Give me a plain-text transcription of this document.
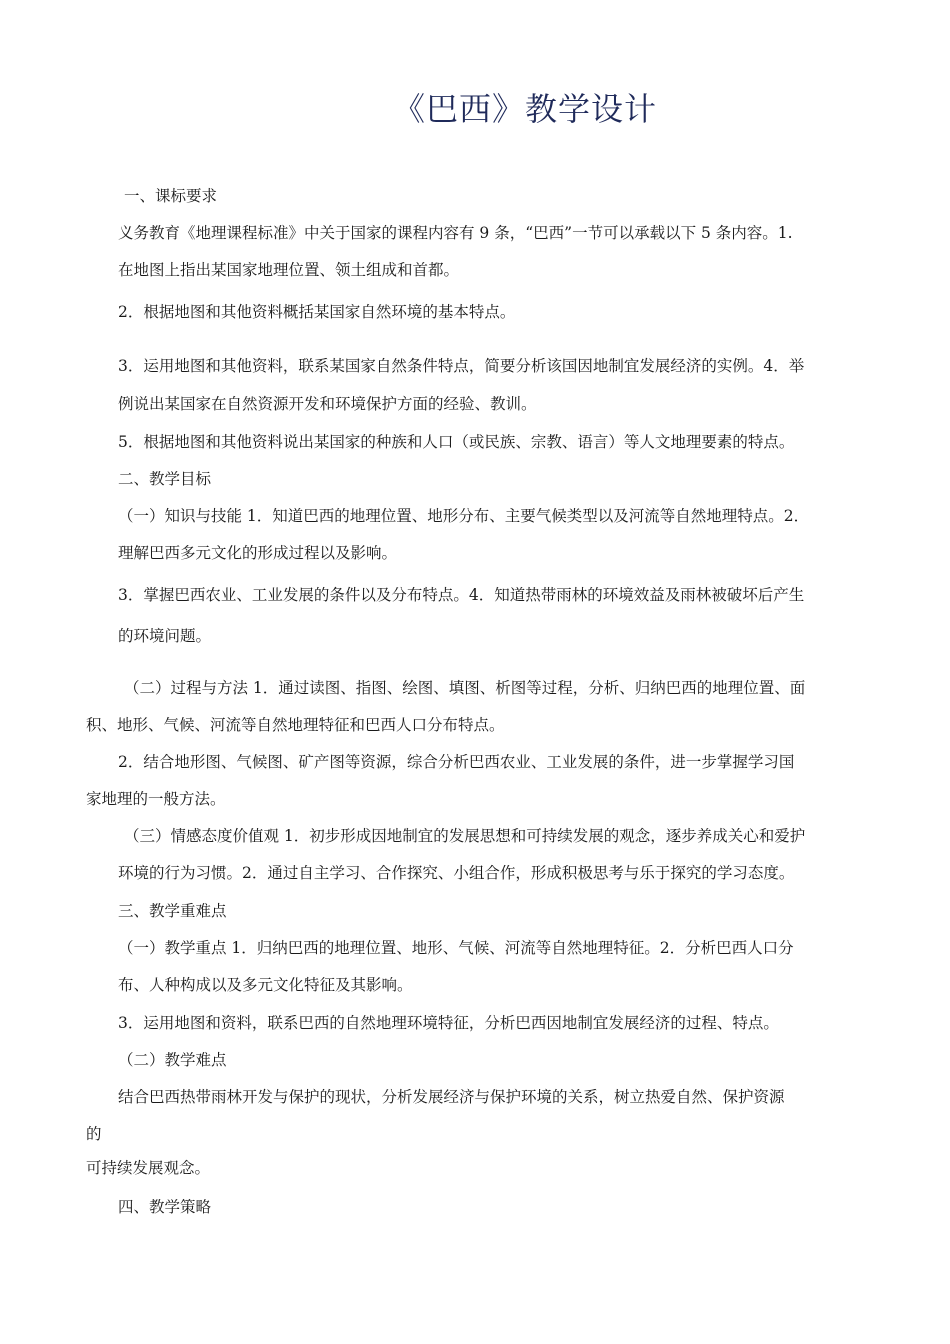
《巴西》教学设计
一、课标要求
义务教育《地理课程标准》中关于国家的课程内容有 9 条，“巴西”一节可以承载以下 5 条内容。1.
在地图上指出某国家地理位置、领土组成和首都。
2．根据地图和其他资料概括某国家自然环境的基本特点。
3．运用地图和其他资料，联系某国家自然条件特点，简要分析该国因地制宜发展经济的实例。4．举
例说出某国家在自然资源开发和环境保护方面的经验、教训。
5．根据地图和其他资料说出某国家的种族和人口（或民族、宗教、语言）等人文地理要素的特点。
二、教学目标
（一）知识与技能 1．知道巴西的地理位置、地形分布、主要气候类型以及河流等自然地理特点。2．
理解巴西多元文化的形成过程以及影响。
3．掌握巴西农业、工业发展的条件以及分布特点。4．知道热带雨林的环境效益及雨林被破坏后产生
的环境问题。
（二）过程与方法 1．通过读图、指图、绘图、填图、析图等过程，分析、归纳巴西的地理位置、面
积、地形、气候、河流等自然地理特征和巴西人口分布特点。
2．结合地形图、气候图、矿产图等资源，综合分析巴西农业、工业发展的条件，进一步掌握学习国
家地理的一般方法。
（三）情感态度价值观 1．初步形成因地制宜的发展思想和可持续发展的观念，逐步养成关心和爱护
环境的行为习惯。2．通过自主学习、合作探究、小组合作，形成积极思考与乐于探究的学习态度。
三、教学重难点
（一）教学重点 1．归纳巴西的地理位置、地形、气候、河流等自然地理特征。2．分析巴西人口分
布、人种构成以及多元文化特征及其影响。
3．运用地图和资料，联系巴西的自然地理环境特征，分析巴西因地制宜发展经济的过程、特点。
（二）教学难点
结合巴西热带雨林开发与保护的现状，分析发展经济与保护环境的关系，树立热爱自然、保护资源
的
可持续发展观念。
四、教学策略
